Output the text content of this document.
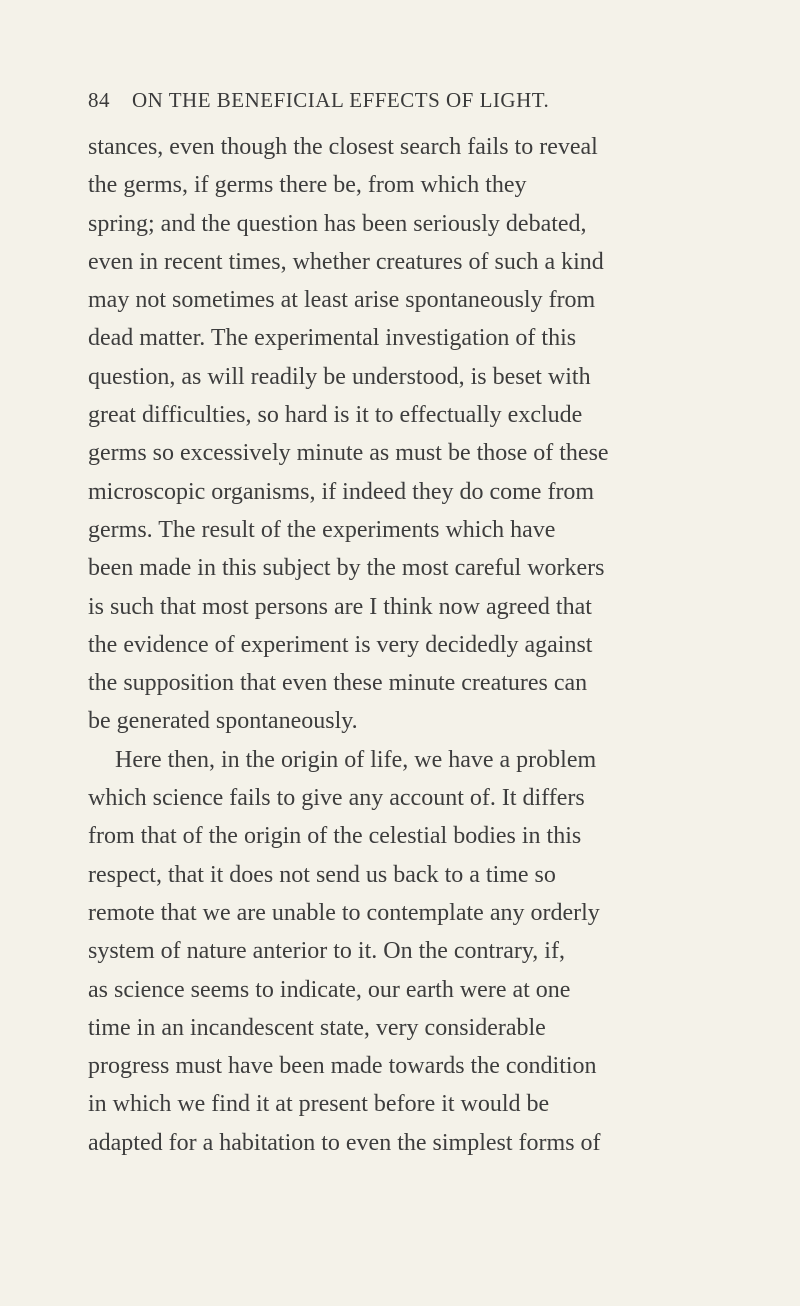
84 ON THE BENEFICIAL EFFECTS OF LIGHT.
stances, even though the closest search fails to reveal
the germs, if germs there be, from which they
spring; and the question has been seriously debated,
even in recent times, whether creatures of such a kind
may not sometimes at least arise spontaneously from
dead matter. The experimental investigation of this
question, as will readily be understood, is beset with
great difficulties, so hard is it to effectually exclude
germs so excessively minute as must be those of these
microscopic organisms, if indeed they do come from
germs. The result of the experiments which have
been made in this subject by the most careful workers
is such that most persons are I think now agreed that
the evidence of experiment is very decidedly against
the supposition that even these minute creatures can
be generated spontaneously.
Here then, in the origin of life, we have a problem
which science fails to give any account of. It differs
from that of the origin of the celestial bodies in this
respect, that it does not send us back to a time so
remote that we are unable to contemplate any orderly
system of nature anterior to it. On the contrary, if,
as science seems to indicate, our earth were at one
time in an incandescent state, very considerable
progress must have been made towards the condition
in which we find it at present before it would be
adapted for a habitation to even the simplest forms of
